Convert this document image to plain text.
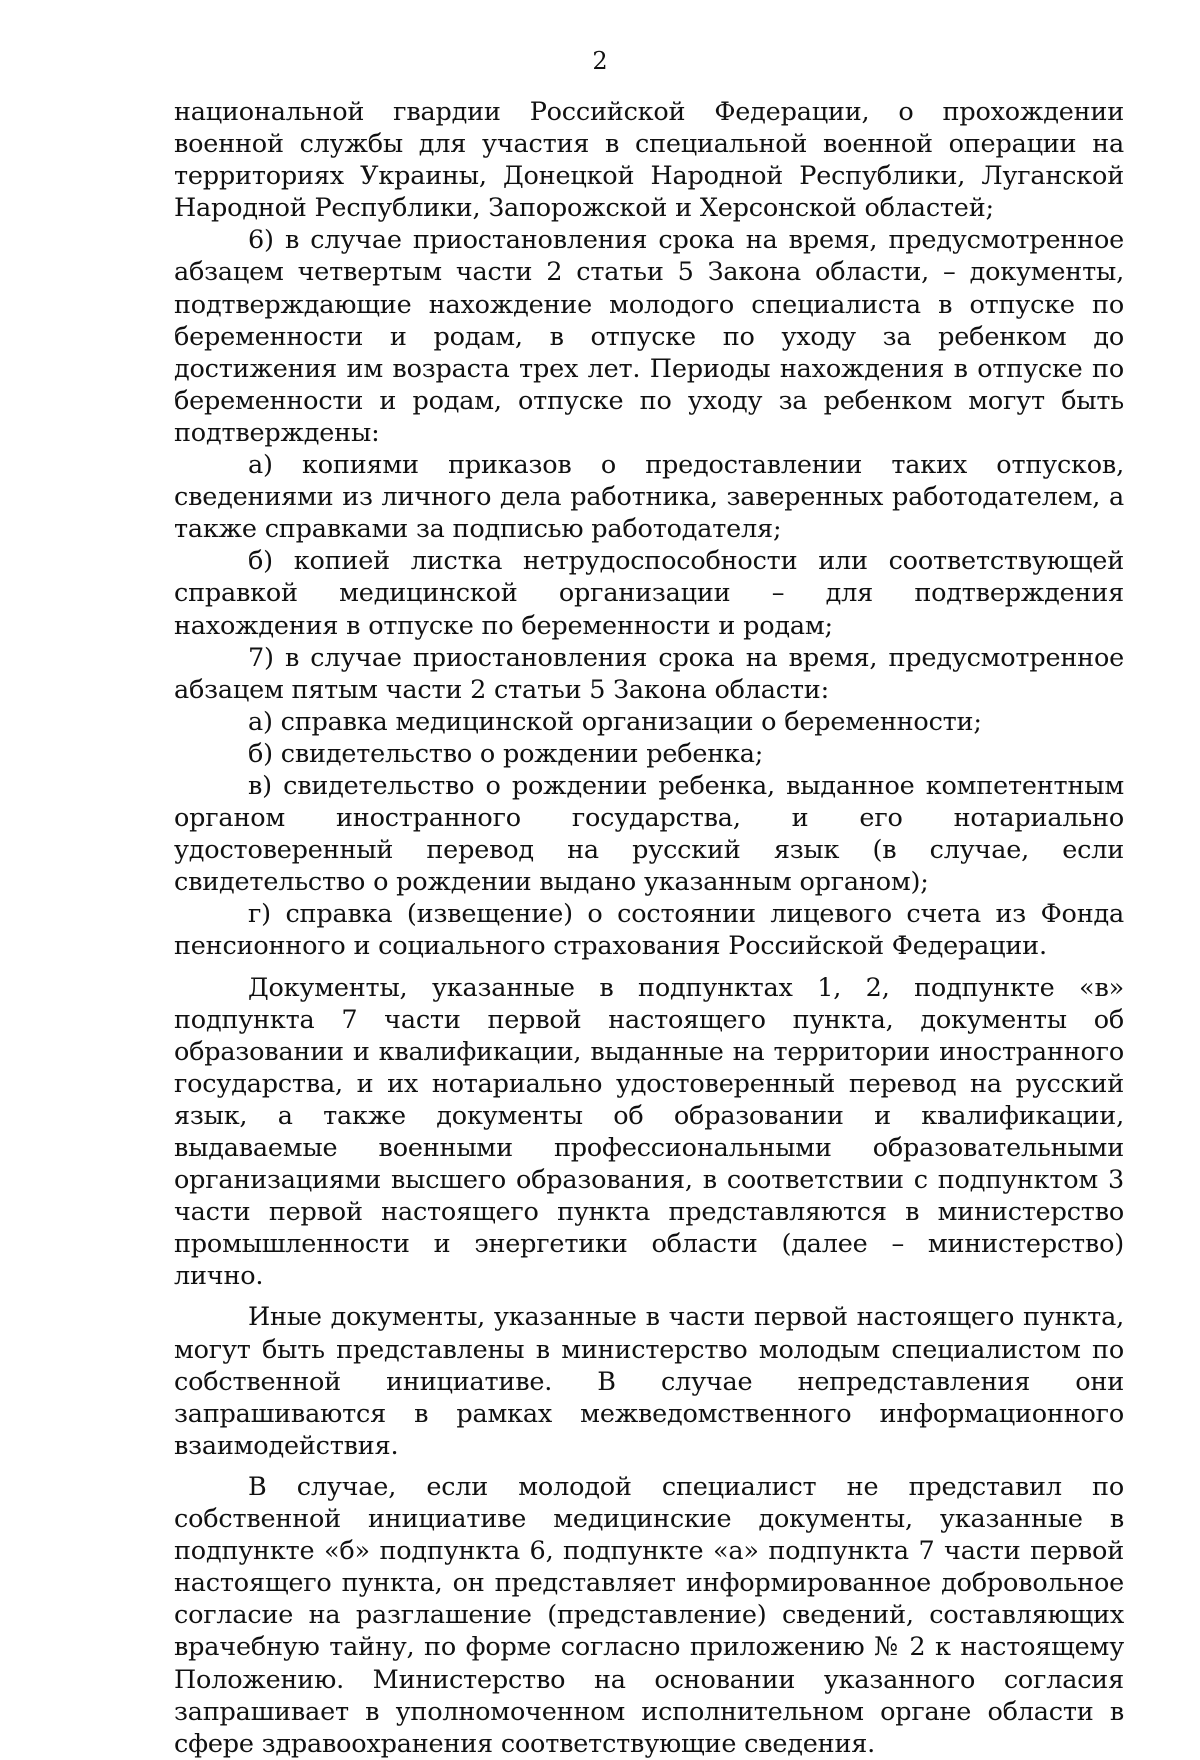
2

национальной гвардии Российской Федерации, о прохождении военной службы для участия в специальной военной операции на территориях Украины, Донецкой Народной Республики, Луганской Народной Республики, Запорожской и Херсонской областей;

6) в случае приостановления срока на время, предусмотренное абзацем четвертым части 2 статьи 5 Закона области, – документы, подтверждающие нахождение молодого специалиста в отпуске по беременности и родам, в отпуске по уходу за ребенком до достижения им возраста трех лет. Периоды нахождения в отпуске по беременности и родам, отпуске по уходу за ребенком могут быть подтверждены:

а) копиями приказов о предоставлении таких отпусков, сведениями из личного дела работника, заверенных работодателем, а также справками за подписью работодателя;

б) копией листка нетрудоспособности или соответствующей справкой медицинской организации – для подтверждения нахождения в отпуске по беременности и родам;

7) в случае приостановления срока на время, предусмотренное абзацем пятым части 2 статьи 5 Закона области:

а) справка медицинской организации о беременности;

б) свидетельство о рождении ребенка;

в) свидетельство о рождении ребенка, выданное компетентным органом иностранного государства, и его нотариально удостоверенный перевод на русский язык (в случае, если свидетельство о рождении выдано указанным органом);

г) справка (извещение) о состоянии лицевого счета из Фонда пенсионного и социального страхования Российской Федерации.

Документы, указанные в подпунктах 1, 2, подпункте «в» подпункта 7 части первой настоящего пункта, документы об образовании и квалификации, выданные на территории иностранного государства, и их нотариально удостоверенный перевод на русский язык, а также документы об образовании и квалификации, выдаваемые военными профессиональными образовательными организациями высшего образования, в соответствии с подпунктом 3 части первой настоящего пункта представляются в министерство промышленности и энергетики области (далее – министерство) лично.

Иные документы, указанные в части первой настоящего пункта, могут быть представлены в министерство молодым специалистом по собственной инициативе. В случае непредставления они запрашиваются в рамках межведомственного информационного взаимодействия.

В случае, если молодой специалист не представил по собственной инициативе медицинские документы, указанные в подпункте «б» подпункта 6, подпункте «а» подпункта 7 части первой настоящего пункта, он представляет информированное добровольное согласие на разглашение (представление) сведений, составляющих врачебную тайну, по форме согласно приложению № 2 к настоящему Положению. Министерство на основании указанного согласия запрашивает в уполномоченном исполнительном органе области в сфере здравоохранения соответствующие сведения.
